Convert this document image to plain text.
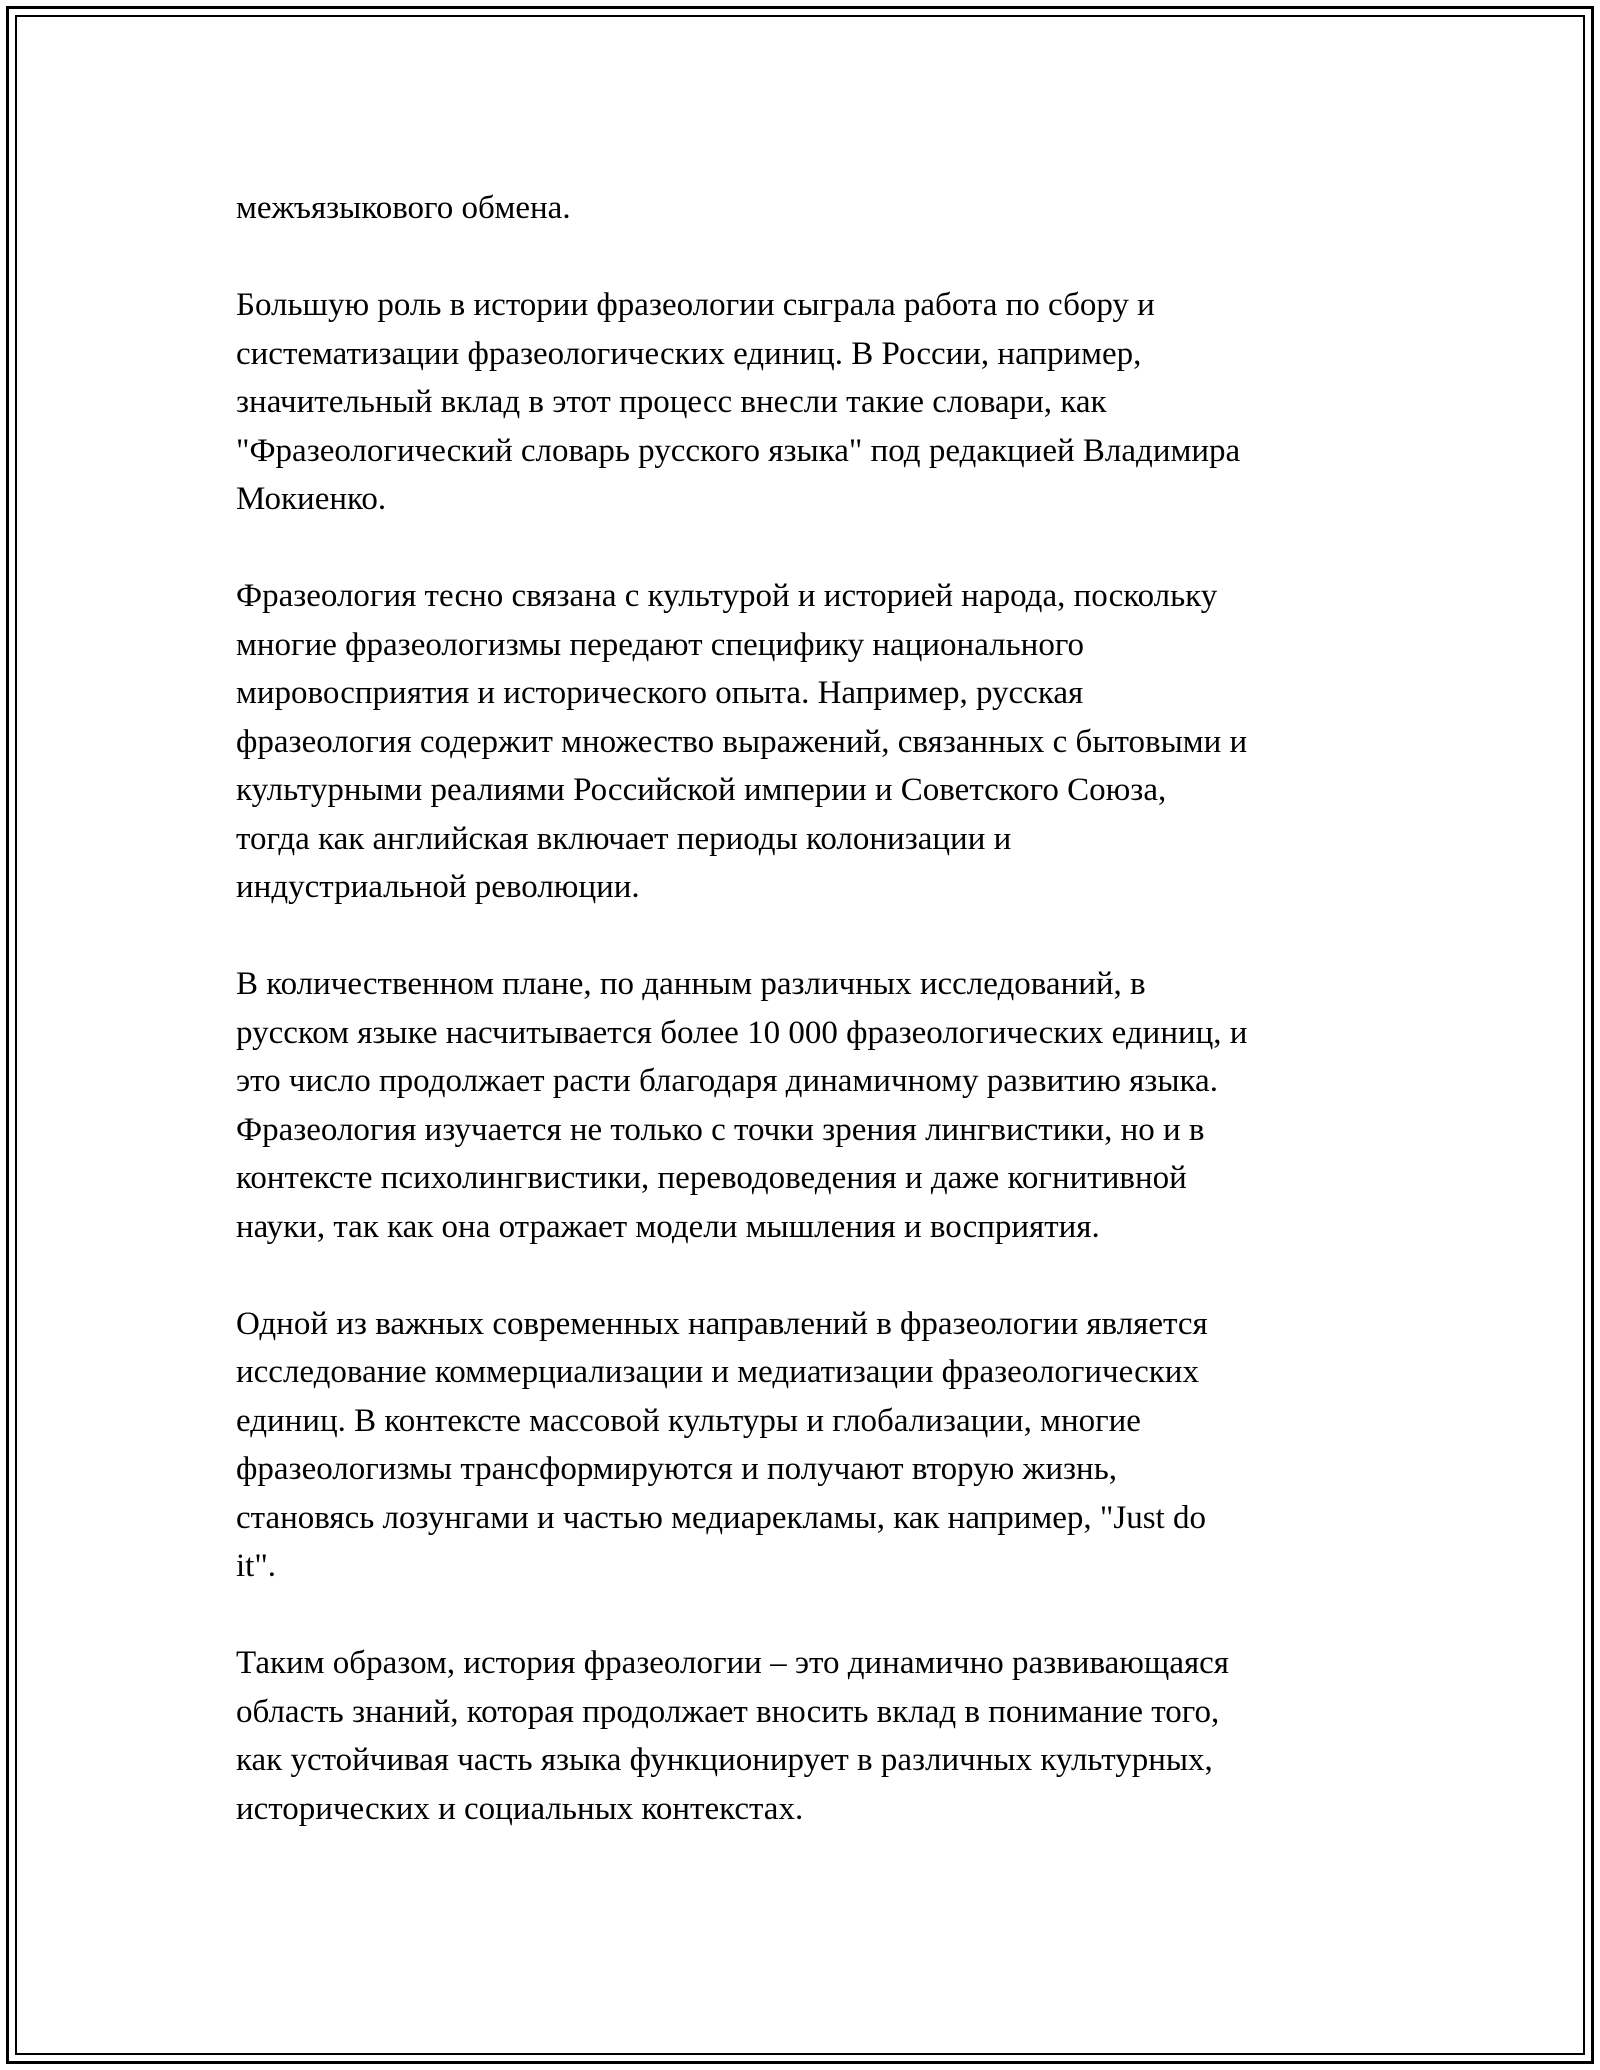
межъязыкового обмена.

Большую роль в истории фразеологии сыграла работа по сбору и
систематизации фразеологических единиц. В России, например,
значительный вклад в этот процесс внесли такие словари, как
"Фразеологический словарь русского языка" под редакцией Владимира
Мокиенко.

Фразеология тесно связана с культурой и историей народа, поскольку
многие фразеологизмы передают специфику национального
мировосприятия и исторического опыта. Например, русская
фразеология содержит множество выражений, связанных с бытовыми и
культурными реалиями Российской империи и Советского Союза,
тогда как английская включает периоды колонизации и
индустриальной революции.

В количественном плане, по данным различных исследований, в
русском языке насчитывается более 10 000 фразеологических единиц, и
это число продолжает расти благодаря динамичному развитию языка.
Фразеология изучается не только с точки зрения лингвистики, но и в
контексте психолингвистики, переводоведения и даже когнитивной
науки, так как она отражает модели мышления и восприятия.

Одной из важных современных направлений в фразеологии является
исследование коммерциализации и медиатизации фразеологических
единиц. В контексте массовой культуры и глобализации, многие
фразеологизмы трансформируются и получают вторую жизнь,
становясь лозунгами и частью медиарекламы, как например, "Just do
it".

Таким образом, история фразеологии – это динамично развивающаяся
область знаний, которая продолжает вносить вклад в понимание того,
как устойчивая часть языка функционирует в различных культурных,
исторических и социальных контекстах.
